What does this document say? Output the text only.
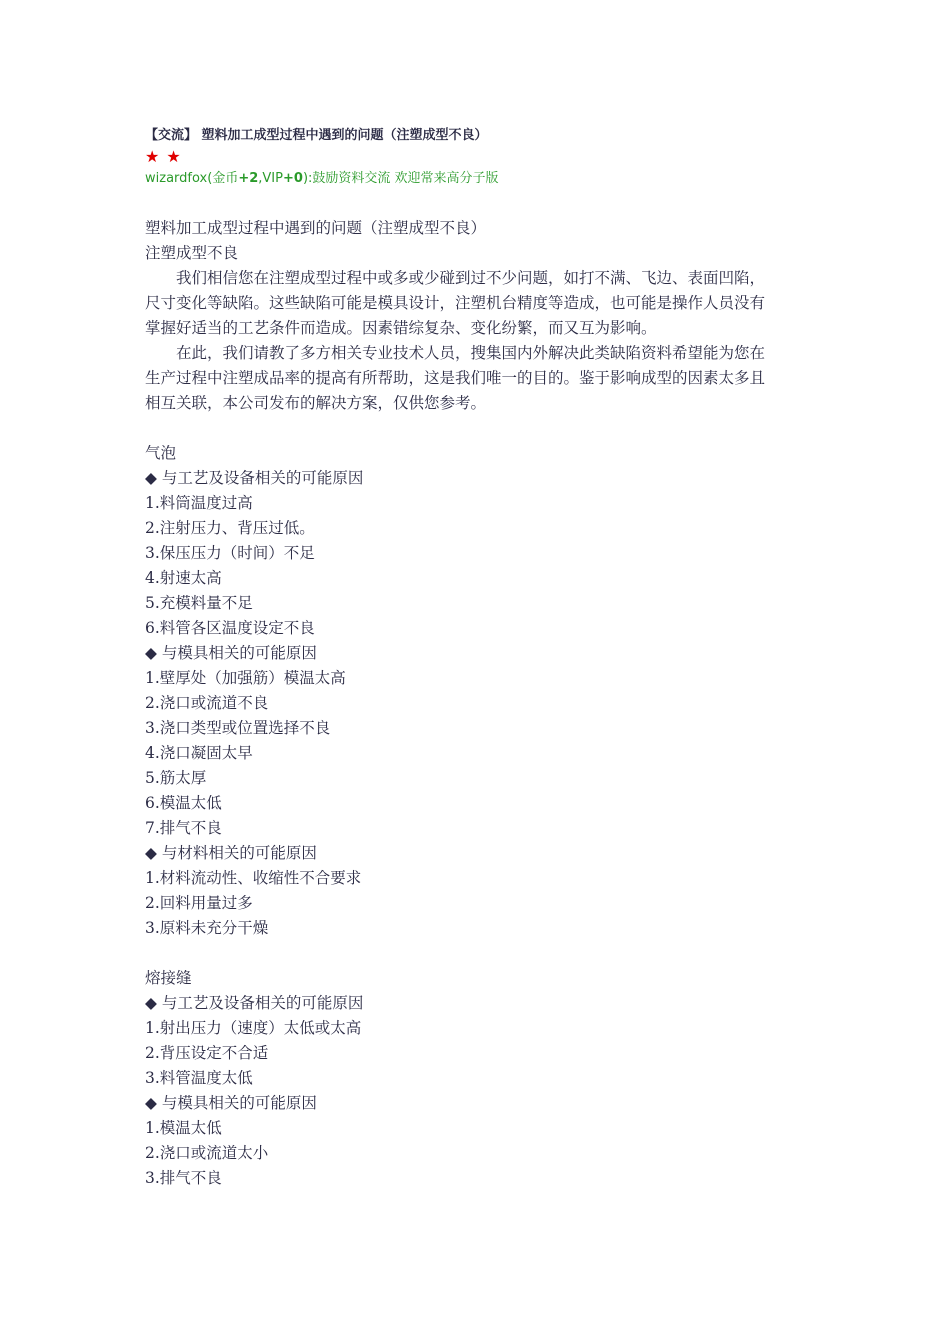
【交流】 塑料加工成型过程中遇到的问题（注塑成型不良）
★ ★
wizardfox(金币+2,VIP+0):鼓励资料交流 欢迎常来高分子版
塑料加工成型过程中遇到的问题（注塑成型不良）
注塑成型不良

我们相信您在注塑成型过程中或多或少碰到过不少问题，如打不满、飞边、表面凹陷，尺寸变化等缺陷。这些缺陷可能是模具设计，注塑机台精度等造成，也可能是操作人员没有掌握好适当的工艺条件而造成。因素错综复杂、变化纷繁，而又互为影响。

在此，我们请教了多方相关专业技术人员，搜集国内外解决此类缺陷资料希望能为您在生产过程中注塑成品率的提高有所帮助，这是我们唯一的目的。鉴于影响成型的因素太多且相互关联，本公司发布的解决方案，仅供您参考。

气泡
◆ 与工艺及设备相关的可能原因
1.料筒温度过高
2.注射压力、背压过低。
3.保压压力（时间）不足
4.射速太高
5.充模料量不足
6.料管各区温度设定不良
◆ 与模具相关的可能原因
1.壁厚处（加强筋）模温太高
2.浇口或流道不良
3.浇口类型或位置选择不良
4.浇口凝固太早
5.筋太厚
6.模温太低
7.排气不良
◆ 与材料相关的可能原因
1.材料流动性、收缩性不合要求
2.回料用量过多
3.原料未充分干燥
熔接缝
◆ 与工艺及设备相关的可能原因
1.射出压力（速度）太低或太高
2.背压设定不合适
3.料管温度太低
◆ 与模具相关的可能原因
1.模温太低
2.浇口或流道太小
3.排气不良
